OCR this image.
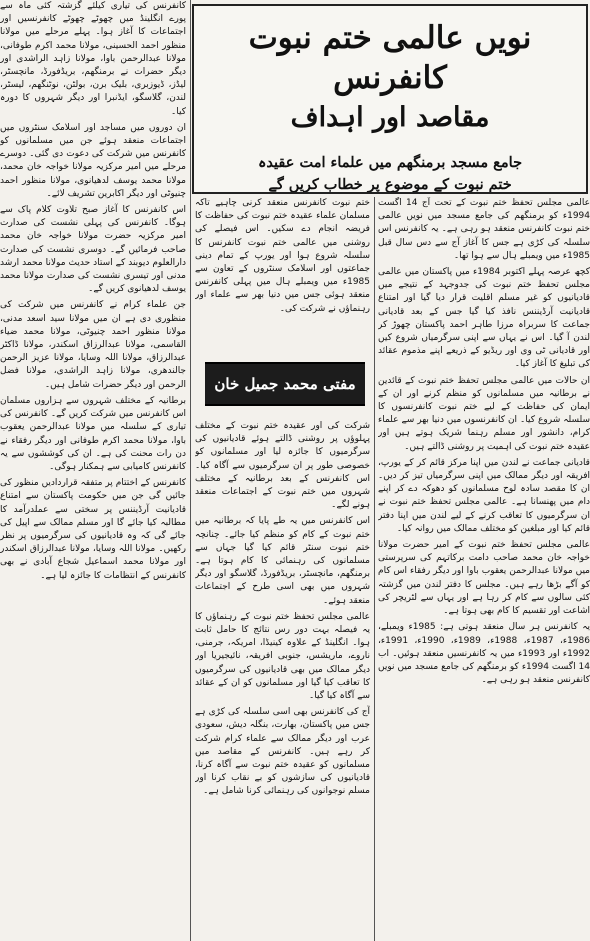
کانفرنس کی تیاری کیلئے گزشتہ کئی ماہ سے پورے انگلینڈ میں چھوٹے چھوٹے کانفرنسیں اور اجتماعات کا آغاز ہوا۔ پہلے مرحلے میں مولانا منظور احمد الحسینی، مولانا محمد اکرم طوفانی، مولانا عبدالرحمن باوا، مولانا زاہد الراشدی اور دیگر حضرات نے برمنگھم، بریڈفورڈ، مانچسٹر، لیڈز، ڈیوزبری، بلیک برن، بولٹن، نوٹنگھم، لیسٹر، لندن، گلاسگو، ایڈنبرا اور دیگر شہروں کا دورہ کیا۔

ان دوروں میں مساجد اور اسلامک سنٹروں میں اجتماعات منعقد ہوئے جن میں مسلمانوں کو کانفرنس میں شرکت کی دعوت دی گئی۔ دوسرے مرحلے میں امیر مرکزیہ مولانا خواجہ خان محمد، مولانا محمد یوسف لدھیانوی، مولانا منظور احمد چنیوٹی اور دیگر اکابرین تشریف لائے۔

اس کانفرنس کا آغاز صبح تلاوت کلام پاک سے ہوگا۔ کانفرنس کی پہلی نشست کی صدارت امیر مرکزیہ حضرت مولانا خواجہ خان محمد صاحب فرمائیں گے۔ دوسری نشست کی صدارت دارالعلوم دیوبند کے استاد حدیث مولانا محمد ارشد مدنی اور تیسری نشست کی صدارت مولانا محمد یوسف لدھیانوی کریں گے۔

جن علماء کرام نے کانفرنس میں شرکت کی منظوری دی ہے ان میں مولانا سید اسعد مدنی، مولانا منظور احمد چنیوٹی، مولانا محمد ضیاء القاسمی، مولانا عبدالرزاق اسکندر، مولانا ڈاکٹر عبدالرزاق، مولانا اللہ وسایا، مولانا عزیز الرحمن جالندھری، مولانا زاہد الراشدی، مولانا فضل الرحمن اور دیگر حضرات شامل ہیں۔

برطانیہ کے مختلف شہروں سے ہزاروں مسلمان اس کانفرنس میں شرکت کریں گے۔ کانفرنس کی تیاری کے سلسلہ میں مولانا عبدالرحمن یعقوب باوا، مولانا محمد اکرم طوفانی اور دیگر رفقاء نے دن رات محنت کی ہے۔ ان کی کوششوں سے یہ کانفرنس کامیابی سے ہمکنار ہوگی۔

کانفرنس کے اختتام پر متفقہ قراردادیں منظور کی جائیں گی جن میں حکومت پاکستان سے امتناع قادیانیت آرڈیننس پر سختی سے عملدرآمد کا مطالبہ کیا جائے گا اور مسلم ممالک سے اپیل کی جائے گی کہ وہ قادیانیوں کی سرگرمیوں پر نظر رکھیں۔ مولانا اللہ وسایا، مولانا عبدالرزاق اسکندر اور مولانا محمد اسماعیل شجاع آبادی نے بھی کانفرنس کے انتظامات کا جائزہ لیا ہے۔

نویں عالمی ختم نبوت کانفرنس
مقاصد اور اہداف
جامع مسجد برمنگھم میں علماء امت عقیدہ
ختم نبوت کے موضوع پر خطاب کریں گے

ختم نبوت کانفرنس منعقد کرنی چاہیے تاکہ مسلمان علماء عقیدہ ختم نبوت کی حفاظت کا فریضہ انجام دے سکیں۔ اس فیصلے کی روشنی میں عالمی ختم نبوت کانفرنس کا سلسلہ شروع ہوا اور یورپ کے تمام دینی جماعتوں اور اسلامک سنٹروں کے تعاون سے 1985ء میں ویمبلے ہال میں پہلی کانفرنس منعقد ہوئی جس میں دنیا بھر سے علماء اور رہنماؤں نے شرکت کی۔

مفتی محمد جمیل خان

شرکت کی اور عقیدہ ختم نبوت کے مختلف پہلوؤں پر روشنی ڈالتے ہوئے قادیانیوں کی سرگرمیوں کا جائزہ لیا اور مسلمانوں کو خصوصی طور پر ان سرگرمیوں سے آگاہ کیا۔ اس کانفرنس کے بعد برطانیہ کے مختلف شہروں میں ختم نبوت کے اجتماعات منعقد ہونے لگے۔

اس کانفرنس میں یہ طے پایا کہ برطانیہ میں ختم نبوت کے کام کو منظم کیا جائے۔ چنانچہ ختم نبوت سنٹر قائم کیا گیا جہاں سے مسلمانوں کی رہنمائی کا کام ہوتا ہے۔ برمنگھم، مانچسٹر، بریڈفورڈ، گلاسگو اور دیگر شہروں میں بھی اسی طرح کے اجتماعات منعقد ہوئے۔

عالمی مجلس تحفظ ختم نبوت کے رہنماؤں کا یہ فیصلہ بہت دور رس نتائج کا حامل ثابت ہوا۔ انگلینڈ کے علاوہ کینیڈا، امریکہ، جرمنی، ناروے، ماریشس، جنوبی افریقہ، نائیجیریا اور دیگر ممالک میں بھی قادیانیوں کی سرگرمیوں کا تعاقب کیا گیا اور مسلمانوں کو ان کے عقائد سے آگاہ کیا گیا۔

آج کی کانفرنس بھی اسی سلسلہ کی کڑی ہے جس میں پاکستان، بھارت، بنگلہ دیش، سعودی عرب اور دیگر ممالک سے علماء کرام شرکت کر رہے ہیں۔ کانفرنس کے مقاصد میں مسلمانوں کو عقیدہ ختم نبوت سے آگاہ کرنا، قادیانیوں کی سازشوں کو بے نقاب کرنا اور مسلم نوجوانوں کی رہنمائی کرنا شامل ہے۔

عالمی مجلس تحفظ ختم نبوت کے تحت آج 14 اگست 1994ء کو برمنگھم کی جامع مسجد میں نویں عالمی ختم نبوت کانفرنس منعقد ہو رہی ہے۔ یہ کانفرنس اس سلسلہ کی کڑی ہے جس کا آغاز آج سے دس سال قبل 1985ء میں ویمبلے ہال سے ہوا تھا۔

کچھ عرصہ پہلے اکتوبر 1984ء میں پاکستان میں عالمی مجلس تحفظ ختم نبوت کی جدوجہد کے نتیجے میں قادیانیوں کو غیر مسلم اقلیت قرار دیا گیا اور امتناع قادیانیت آرڈیننس نافذ کیا گیا جس کے بعد قادیانی جماعت کا سربراہ مرزا طاہر احمد پاکستان چھوڑ کر لندن آ گیا۔ اس نے یہاں سے اپنی سرگرمیاں شروع کیں اور قادیانی ٹی وی اور ریڈیو کے ذریعے اپنے مذموم عقائد کی تبلیغ کا آغاز کیا۔

ان حالات میں عالمی مجلس تحفظ ختم نبوت کے قائدین نے برطانیہ میں مسلمانوں کو منظم کرنے اور ان کے ایمان کی حفاظت کے لیے ختم نبوت کانفرنسوں کا سلسلہ شروع کیا۔ ان کانفرنسوں میں دنیا بھر سے علماء کرام، دانشور اور مسلم رہنما شریک ہوتے ہیں اور عقیدہ ختم نبوت کی اہمیت پر روشنی ڈالتے ہیں۔

قادیانی جماعت نے لندن میں اپنا مرکز قائم کر کے یورپ، افریقہ اور دیگر ممالک میں اپنی سرگرمیاں تیز کر دیں۔ ان کا مقصد سادہ لوح مسلمانوں کو دھوکہ دے کر اپنے دام میں پھنسانا ہے۔ عالمی مجلس تحفظ ختم نبوت نے ان سرگرمیوں کا تعاقب کرنے کے لیے لندن میں اپنا دفتر قائم کیا اور مبلغین کو مختلف ممالک میں روانہ کیا۔

عالمی مجلس تحفظ ختم نبوت کے امیر حضرت مولانا خواجہ خان محمد صاحب دامت برکاتہم کی سرپرستی میں مولانا عبدالرحمن یعقوب باوا اور دیگر رفقاء اس کام کو آگے بڑھا رہے ہیں۔ مجلس کا دفتر لندن میں گزشتہ کئی سالوں سے کام کر رہا ہے اور یہاں سے لٹریچر کی اشاعت اور تقسیم کا کام بھی ہوتا ہے۔

یہ کانفرنس ہر سال منعقد ہوتی ہے: 1985ء ویمبلے، 1986ء، 1987ء، 1988ء، 1989ء، 1990ء، 1991ء، 1992ء اور 1993ء میں یہ کانفرنسیں منعقد ہوئیں۔ اب 14 اگست 1994ء کو برمنگھم کی جامع مسجد میں نویں کانفرنس منعقد ہو رہی ہے۔
